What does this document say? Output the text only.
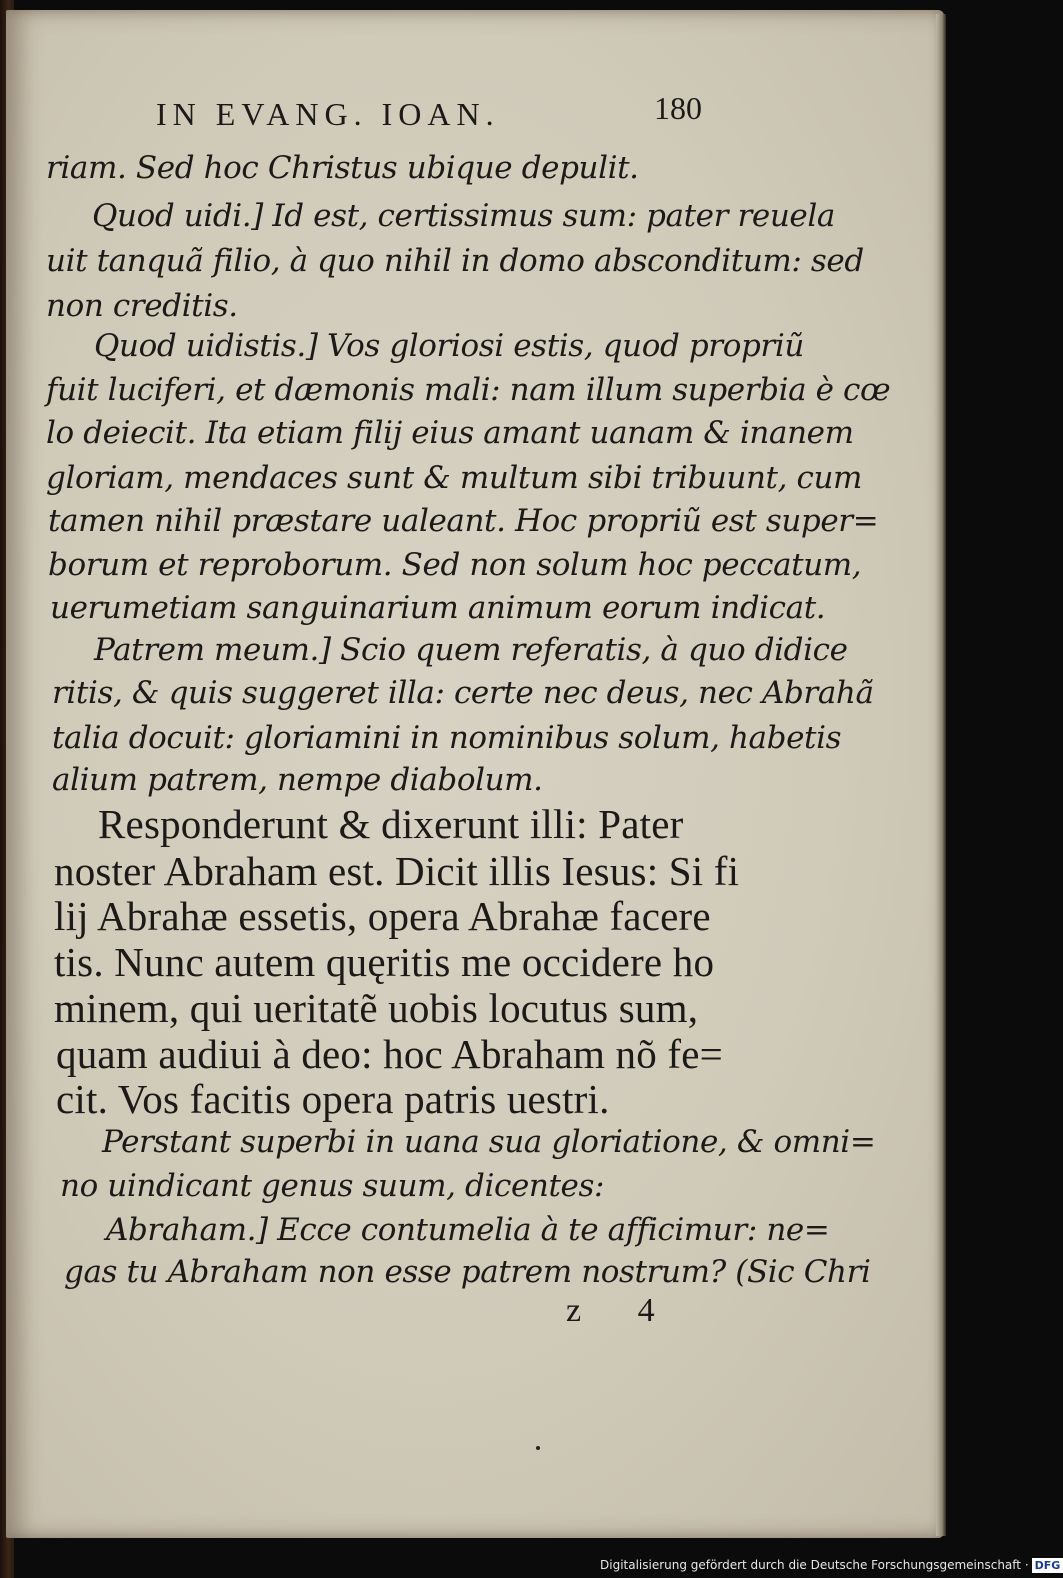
IN EVANG. IOAN.	180
riam. Sed hoc Christus ubique depulit.
Quod uidi.] Id est, certissimus sum: pater reuela
uit tanquã filio, à quo nihil in domo absconditum: sed
non creditis.
Quod uidistis.] Vos gloriosi estis, quod propriũ
fuit luciferi, et dæmonis mali: nam illum superbia è cœ
lo deiecit. Ita etiam filij eius amant uanam & inanem
gloriam, mendaces sunt & multum sibi tribuunt, cum
tamen nihil præstare ualeant. Hoc propriũ est super=
borum et reproborum. Sed non solum hoc peccatum,
uerumetiam sanguinarium animum eorum indicat.
Patrem meum.] Scio quem referatis, à quo didice
ritis, & quis suggeret illa: certe nec deus, nec Abrahã
talia docuit: gloriamini in nominibus solum, habetis
alium patrem, nempe diabolum.
Responderunt & dixerunt illi: Pater
noster Abraham est. Dicit illis Iesus: Si fi
lij Abrahæ essetis, opera Abrahæ facere
tis. Nunc autem quęritis me occidere ho
minem, qui ueritatẽ uobis locutus sum,
quam audiui à deo: hoc Abraham nõ fe=
cit. Vos facitis opera patris uestri.
Perstant superbi in uana sua gloriatione, & omni=
no uindicant genus suum, dicentes:
Abraham.] Ecce contumelia à te afficimur: ne=
gas tu Abraham non esse patrem nostrum? (Sic Chri
z 4
Digitalisierung gefördert durch die Deutsche Forschungsgemeinschaft · DFG
